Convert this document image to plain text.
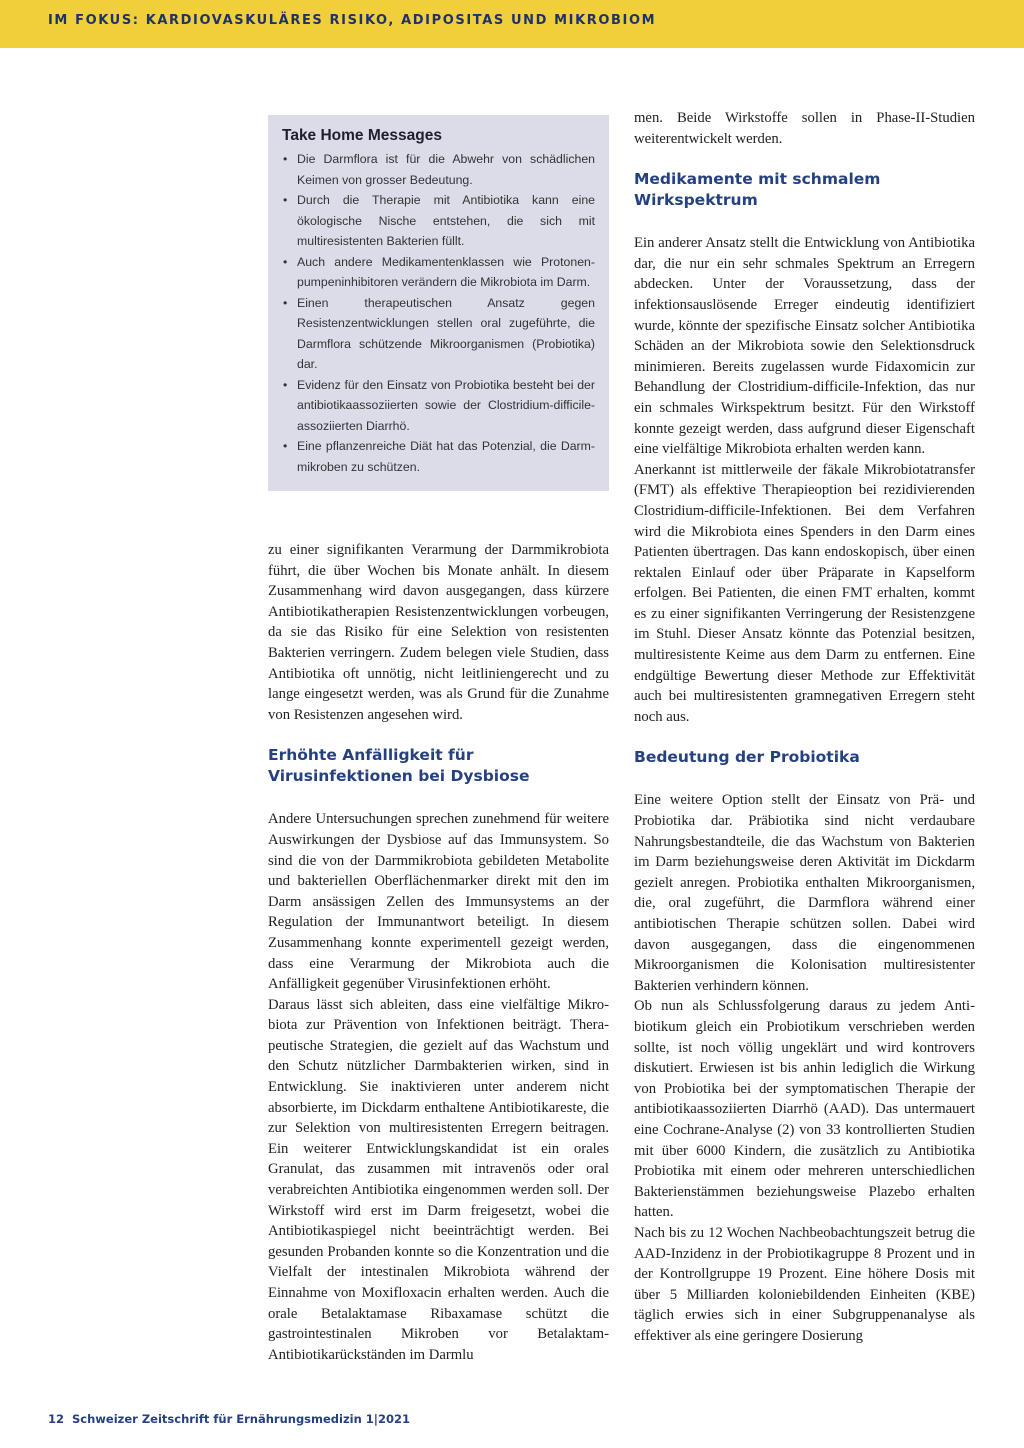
IM FOKUS: KARDIOVASKULÄRES RISIKO, ADIPOSITAS UND MIKROBIOM
Take Home Messages
• Die Darmflora ist für die Abwehr von schädlichen Keimen von grosser Bedeutung.
• Durch die Therapie mit Antibiotika kann eine ökologische Nische entstehen, die sich mit multiresistenten Bakterien füllt.
• Auch andere Medikamentenklassen wie Protonenpumpeninhibitoren verändern die Mikrobiota im Darm.
• Einen therapeutischen Ansatz gegen Resistenzentwicklungen stellen oral zugeführte, die Darmflora schützende Mikroorganismen (Probiotika) dar.
• Evidenz für den Einsatz von Probiotika besteht bei der antibiotikaassoziierten sowie der Clostridium-difficile-assoziierten Diarrhö.
• Eine pflanzenreiche Diät hat das Potenzial, die Darmmikroben zu schützen.

zu einer signifikanten Verarmung der Darmmikrobiota führt, die über Wochen bis Monate anhält. In diesem Zusammenhang wird davon ausgegangen, dass kürzere Antibiotikatherapien Resistenzentwicklungen vorbeugen, da sie das Risiko für eine Selektion von resistenten Bakterien verringern. Zudem belegen viele Studien, dass Antibiotika oft unnötig, nicht leitliniengerecht und zu lange eingesetzt werden, was als Grund für die Zunahme von Resistenzen angesehen wird.

Erhöhte Anfälligkeit für Virusinfektionen bei Dysbiose

Andere Untersuchungen sprechen zunehmend für weitere Auswirkungen der Dysbiose auf das Immunsystem. So sind die von der Darmmikrobiota gebildeten Metabolite und bakteriellen Oberflächenmarker direkt mit den im Darm ansässigen Zellen des Immunsystems an der Regulation der Immunantwort beteiligt. In diesem Zusammenhang konnte experimentell gezeigt werden, dass eine Verarmung der Mikrobiota auch die Anfälligkeit gegenüber Virusinfektionen erhöht.

Daraus lässt sich ableiten, dass eine vielfältige Mikrobiota zur Prävention von Infektionen beiträgt. Therapeutische Strategien, die gezielt auf das Wachstum und den Schutz nützlicher Darmbakterien wirken, sind in Entwicklung. Sie inaktivieren unter anderem nicht absorbierte, im Dickdarm enthaltene Antibiotikareste, die zur Selektion von multiresistenten Erregern beitragen. Ein weiterer Entwicklungskandidat ist ein orales Granulat, das zusammen mit intravenös oder oral verabreichten Antibiotika eingenommen werden soll. Der Wirkstoff wird erst im Darm freigesetzt, wobei die Antibiotikaspiegel nicht beeinträchtigt werden. Bei gesunden Probanden konnte so die Konzentration und die Vielfalt der intestinalen Mikrobiota während der Einnahme von Moxifloxacin erhalten werden. Auch die orale Betalaktamase Ribaxamase schützt die gastrointestinalen Mikroben vor Betalaktam-Antibiotikarückständen im Darmlu

men. Beide Wirkstoffe sollen in Phase-II-Studien weiterentwickelt werden.

Medikamente mit schmalem Wirkspektrum

Ein anderer Ansatz stellt die Entwicklung von Antibiotika dar, die nur ein sehr schmales Spektrum an Erregern abdecken. Unter der Voraussetzung, dass der infektionsauslösende Erreger eindeutig identifiziert wurde, könnte der spezifische Einsatz solcher Antibiotika Schäden an der Mikrobiota sowie den Selektionsdruck minimieren. Bereits zugelassen wurde Fidaxomicin zur Behandlung der Clostridium-difficile-Infektion, das nur ein schmales Wirkspektrum besitzt. Für den Wirkstoff konnte gezeigt werden, dass aufgrund dieser Eigenschaft eine vielfältige Mikrobiota erhalten werden kann.

Anerkannt ist mittlerweile der fäkale Mikrobiotatransfer (FMT) als effektive Therapieoption bei rezidivierenden Clostridium-difficile-Infektionen. Bei dem Verfahren wird die Mikrobiota eines Spenders in den Darm eines Patienten übertragen. Das kann endoskopisch, über einen rektalen Einlauf oder über Präparate in Kapselform erfolgen. Bei Patienten, die einen FMT erhalten, kommt es zu einer signifikanten Verringerung der Resistenzgene im Stuhl. Dieser Ansatz könnte das Potenzial besitzen, multiresistente Keime aus dem Darm zu entfernen. Eine endgültige Bewertung dieser Methode zur Effektivität auch bei multiresistenten gramnegativen Erregern steht noch aus.

Bedeutung der Probiotika

Eine weitere Option stellt der Einsatz von Prä- und Probiotika dar. Präbiotika sind nicht verdaubare Nahrungsbestandteile, die das Wachstum von Bakterien im Darm beziehungsweise deren Aktivität im Dickdarm gezielt anregen. Probiotika enthalten Mikroorganismen, die, oral zugeführt, die Darmflora während einer antibiotischen Therapie schützen sollen. Dabei wird davon ausgegangen, dass die eingenommenen Mikroorganismen die Kolonisation multiresistenter Bakterien verhindern können.

Ob nun als Schlussfolgerung daraus zu jedem Antibiotikum gleich ein Probiotikum verschrieben werden sollte, ist noch völlig ungeklärt und wird kontrovers diskutiert. Erwiesen ist bis anhin lediglich die Wirkung von Probiotika bei der symptomatischen Therapie der antibiotikaassoziierten Diarrhö (AAD). Das untermauert eine Cochrane-Analyse (2) von 33 kontrollierten Studien mit über 6000 Kindern, die zusätzlich zu Antibiotika Probiotika mit einem oder mehreren unterschiedlichen Bakterienstämmen beziehungsweise Plazebo erhalten hatten.

Nach bis zu 12 Wochen Nachbeobachtungszeit betrug die AAD-Inzidenz in der Probiotikagruppe 8 Prozent und in der Kontrollgruppe 19 Prozent. Eine höhere Dosis mit über 5 Milliarden koloniebildenden Einheiten (KBE) täglich erwies sich in einer Subgruppenanalyse als effektiver als eine geringere Dosierung

12 Schweizer Zeitschrift für Ernährungsmedizin 1|2021
